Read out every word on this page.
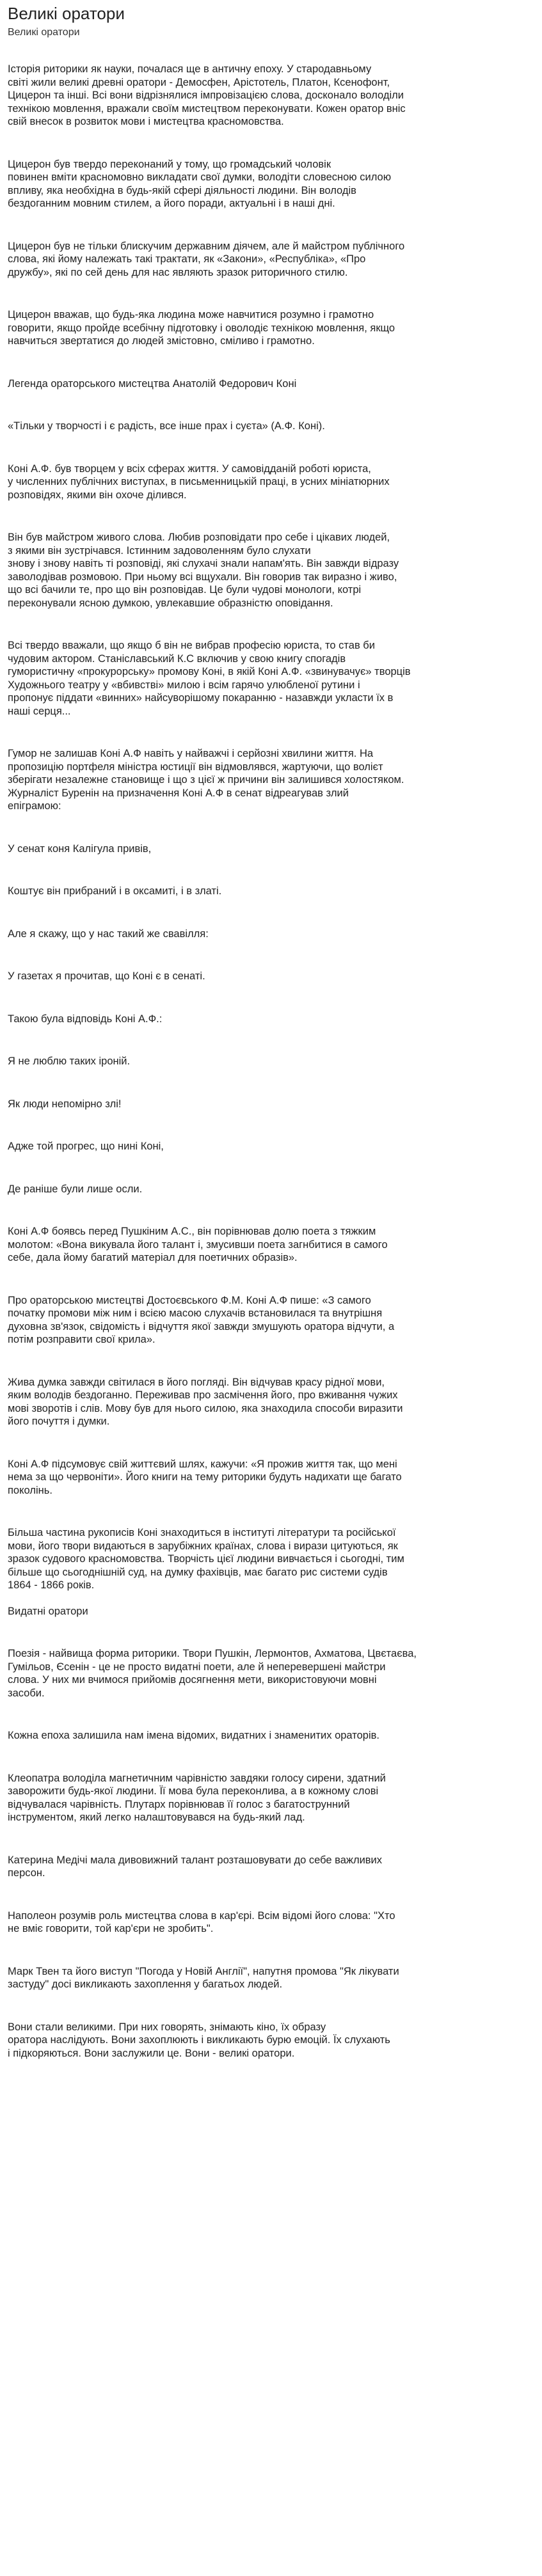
Великі оратори
Великі оратори

Історія риторики як науки, почалася ще в античну епоху. У стародавньому
світі жили великі древні оратори - Демосфен, Арістотель, Платон, Ксенофонт,
Цицерон та інші. Всі вони відрізнялися імпровізацією слова, досконало володіли
технікою мовлення, вражали своїм мистецтвом переконувати. Кожен оратор вніс
свій внесок в розвиток мови і мистецтва красномовства.

Цицерон був твердо переконаний у тому, що громадський чоловік
повинен вміти красномовно викладати свої думки, володіти словесною силою
впливу, яка необхідна в будь-якій сфері діяльності людини. Він володів
бездоганним мовним стилем, а його поради, актуальні і в наші дні.

Цицерон був не тільки блискучим державним діячем, але й майстром публічного
слова, які йому належать такі трактати, як «Закони», «Республіка», «Про
дружбу», які по сей день для нас являють зразок риторичного стилю.

Цицерон вважав, що будь-яка людина може навчитися розумно і грамотно
говорити, якщо пройде всебічну підготовку і оволодіє технікою мовлення, якщо
навчиться звертатися до людей змістовно, сміливо і грамотно.

Легенда ораторського мистецтва Анатолій Федорович Коні

«Тільки у творчості і є радість, все інше прах і суєта» (А.Ф. Коні).

Коні А.Ф. був творцем у всіх сферах життя. У самовідданій роботі юриста,
у численних публічних виступах, в письменницькій праці, в усних мініатюрних
розповідях, якими він охоче ділився.

Він був майстром живого слова. Любив розповідати про себе і цікавих людей,
з якими він зустрічався. Істинним задоволенням було слухати
знову і знову навіть ті розповіді, які слухачі знали напам'ять. Він завжди відразу
заволодівав розмовою. При ньому всі вщухали. Він говорив так виразно і живо,
що всі бачили те, про що він розповідав. Це були чудові монологи, котрі
переконували ясною думкою, увлекавшие образністю оповідання.

Всі твердо вважали, що якщо б він не вибрав професію юриста, то став би
чудовим актором. Станіславський К.С включив у свою книгу спогадів
гумористичну «прокурорську» промову Коні, в якій Коні А.Ф. «звинувачує» творців
Художнього театру у «вбивстві» милою і всім гарячо улюбленої рутини і
пропонує піддати «винних» найсуворішому покаранню - назавжди укласти їх в
наші серця...

Гумор не залишав Коні А.Ф навіть у найважчі і серйозні хвилини життя. На
пропозицію портфеля міністра юстиції він відмовлявся, жартуючи, що волієт
зберігати незалежне становище і що з цієї ж причини він залишився холостяком.
Журналіст Буренін на призначення Коні А.Ф в сенат відреагував злий
епіграмою:

У сенат коня Калігула привів,

Коштує він прибраний і в оксамиті, і в златі.

Але я скажу, що у нас такий же свавілля:

У газетах я прочитав, що Коні є в сенаті.

Такою була відповідь Коні А.Ф.:

Я не люблю таких іроній.

Як люди непомірно злі!

Адже той прогрес, що нині Коні,

Де раніше були лише осли.

Коні А.Ф боявсь перед Пушкіним А.С., він порівнював долю поета з тяжким
молотом: «Вона викувала його талант і, змусивши поета загнбитися в самого
себе, дала йому багатий матеріал для поетичних образів».

Про ораторською мистецтві Достоєвського Ф.М. Коні А.Ф пише: «З самого
початку промови між ним і всією масою слухачів встановилася та внутрішня
духовна зв'язок, свідомість і відчуття якої завжди змушують оратора відчути, а
потім розправити свої крила».

Жива думка завжди світилася в його погляді. Він відчував красу рідної мови,
яким володів бездоганно. Переживав про засмічення його, про вживання чужих
мові зворотів і слів. Мову був для нього силою, яка знаходила способи виразити
його почуття і думки.

Коні А.Ф підсумовує свій життєвий шлях, кажучи: «Я прожив життя так, що мені
нема за що червоніти». Його книги на тему риторики будуть надихати ще багато
поколінь.

Більша частина рукописів Коні знаходиться в інституті літератури та російської
мови, його твори видаються в зарубіжних країнах, слова і вирази цитуються, як
зразок судового красномовства. Творчість цієї людини вивчається і сьогодні, тим
більше що сьогоднішній суд, на думку фахівців, має багато рис системи судів
1864 - 1866 років.

Видатні оратори

Поезія - найвища форма риторики. Твори Пушкін, Лермонтов, Ахматова, Цвєтаєва,
Гумільов, Єсенін - це не просто видатні поети, але й неперевершені майстри
слова. У них ми вчимося прийомів досягнення мети, використовуючи мовні
засоби.

Кожна епоха залишила нам імена відомих, видатних і знаменитих ораторів.

Клеопатра володіла магнетичним чарівністю завдяки голосу сирени, здатний
заворожити будь-якої людини. Її мова була переконлива, а в кожному слові
відчувалася чарівність. Плутарх порівнював її голос з багатострунний
інструментом, який легко налаштовувався на будь-який лад.

Катерина Медічі мала дивовижний талант розташовувати до себе важливих
персон.

Наполеон розумів роль мистецтва слова в кар'єрі. Всім відомі його слова: "Хто
не вміє говорити, той кар'єри не зробить".

Марк Твен та його виступ "Погода у Новій Англії", напутня промова "Як лікувати
застуду" досі викликають захоплення у багатьох людей.

Вони стали великими. При них говорять, знімають кіно, їх образу
оратора наслідують. Вони захоплюють і викликають бурю емоцій. Їх слухають
і підкоряються. Вони заслужили це. Вони - великі оратори.
